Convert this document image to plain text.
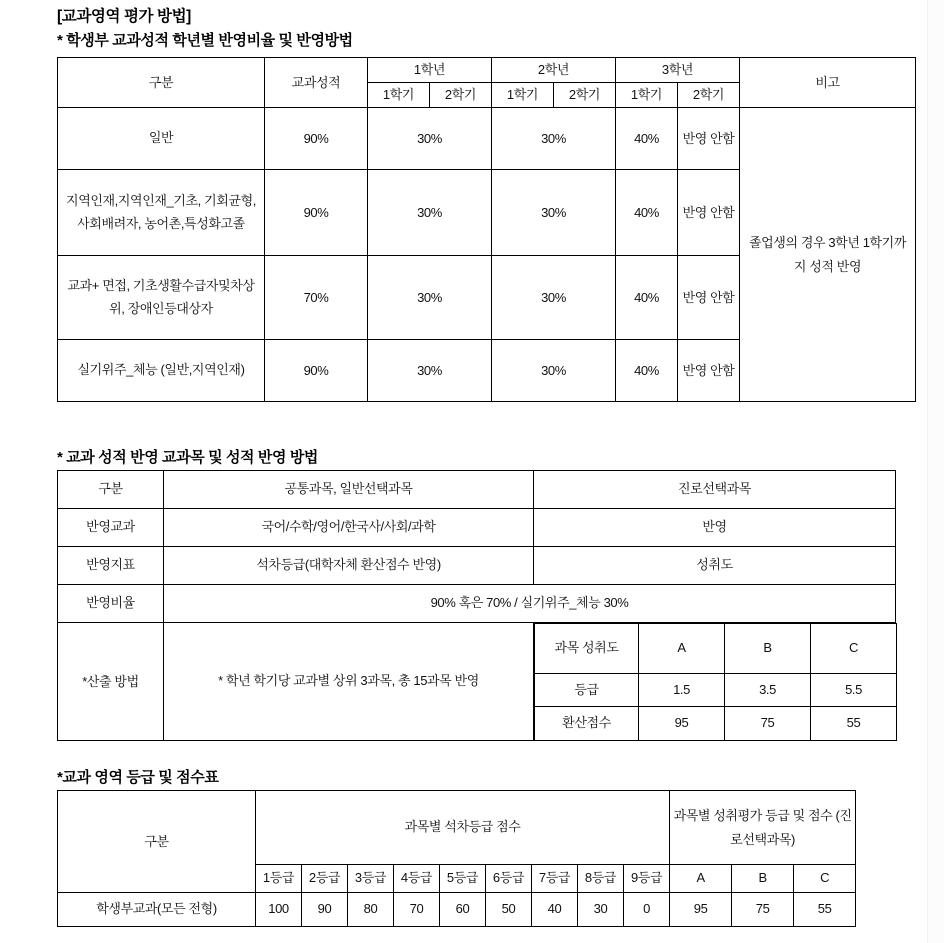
[교과영역 평가 방법]
* 학생부 교과성적 학년별 반영비율 및 반영방법
구분	교과성적	1학년		2학년		3학년		비고
		1학기	2학기	1학기	2학기	1학기	2학기	
일반	90%	30%		30%		40%	반영 안함	졸업생의 경우 3학년 1학기까지 성적 반영
지역인재,지역인재_기초, 기회균형,사회배려자, 농어촌,특성화고졸	90%	30%		30%		40%	반영 안함	
교과+ 면접, 기초생활수급자및차상위, 장애인등대상자	70%	30%		30%		40%	반영 안함	
실기위주_체능 (일반,지역인재)	90%	30%		30%		40%	반영 안함	
* 교과 성적 반영 교과목 및 성적 반영 방법
구분	공통과목, 일반선택과목	진로선택과목
반영교과	국어/수학/영어/한국사/사회/과학	반영
반영지표	석차등급(대학자체 환산점수 반영)	성취도
반영비율	90% 혹은 70% / 실기위주_체능 30%
*산출 방법	* 학년 학기당 교과별 상위 3과목, 총 15과목 반영	
과목 성취도	A	B	C
등급	1.5	3.5	5.5
환산점수	95	75	55
*교과 영역 등급 및 점수표
구분	과목별 석차등급 점수									과목별 성취평가 등급 및 점수 (진로선택과목)		
	1등급	2등급	3등급	4등급	5등급	6등급	7등급	8등급	9등급	A	B	C
학생부교과(모든 전형)	100	90	80	70	60	50	40	30	0	95	75	55
